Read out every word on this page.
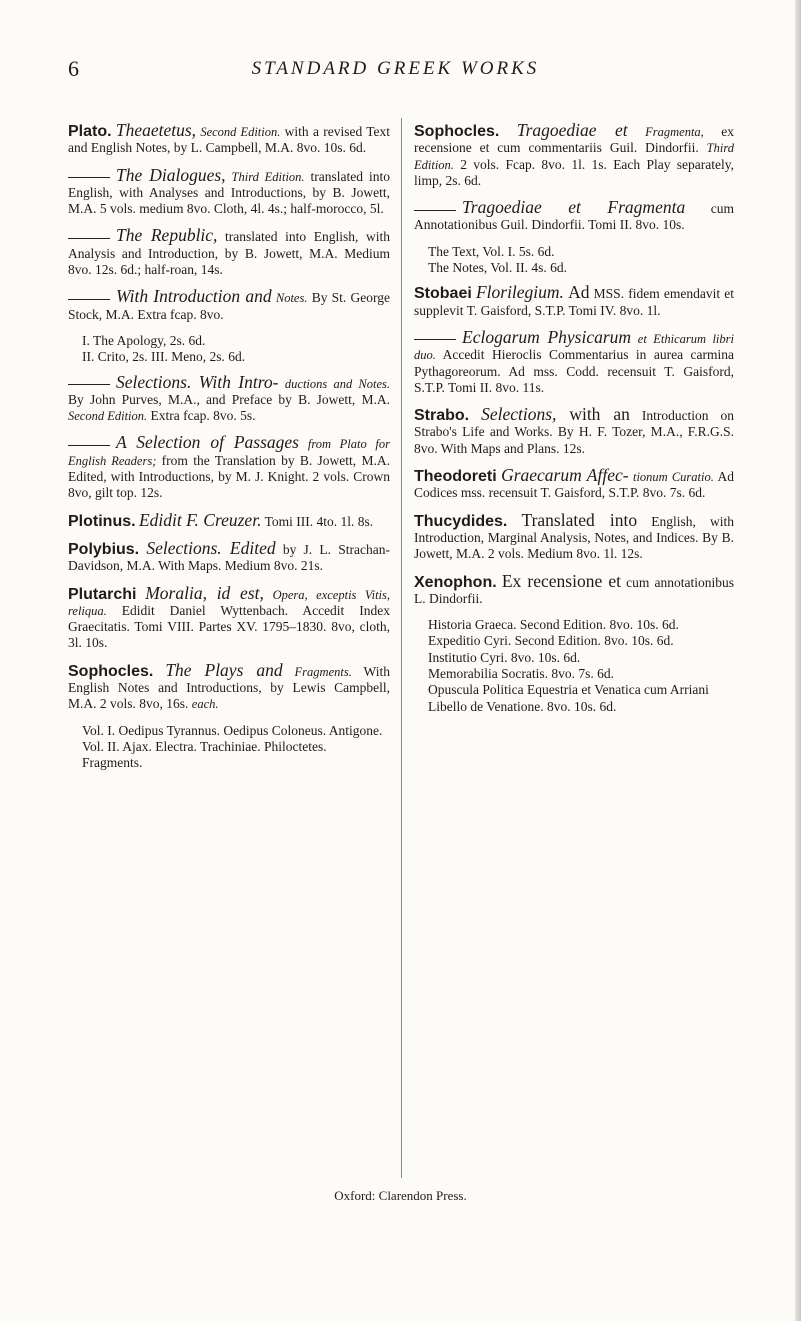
6	STANDARD GREEK WORKS
Plato. Theaetetus, Second Edition. with a revised Text and English Notes, by L. Campbell, M.A. 8vo. 10s. 6d.
The Dialogues, Third Edition. translated into English, with Analyses and Introductions, by B. Jowett, M.A. 5 vols. medium 8vo. Cloth, 4l. 4s.; half-morocco, 5l.
The Republic, translated into English, with Analysis and Introduction, by B. Jowett, M.A. Medium 8vo. 12s. 6d.; half-roan, 14s.
With Introduction and Notes. By St. George Stock, M.A. Extra fcap. 8vo.
I. The Apology, 2s. 6d.
II. Crito, 2s. III. Meno, 2s. 6d.
Selections. With Intro- ductions and Notes. By John Purves, M.A., and Preface by B. Jowett, M.A. Second Edition. Extra fcap. 8vo. 5s.
A Selection of Passages from Plato for English Readers; from the Translation by B. Jowett, M.A. Edited, with Introductions, by M. J. Knight. 2 vols. Crown 8vo, gilt top. 12s.
Plotinus. Edidit F. Creuzer. Tomi III. 4to. 1l. 8s.
Polybius. Selections. Edited by J. L. Strachan-Davidson, M.A. With Maps. Medium 8vo. 21s.
Plutarchi Moralia, id est, Opera, exceptis Vitis, reliqua. Edidit Daniel Wyttenbach. Accedit Index Graecitatis. Tomi VIII. Partes XV. 1795–1830. 8vo, cloth, 3l. 10s.
Sophocles. The Plays and Fragments. With English Notes and Introductions, by Lewis Campbell, M.A. 2 vols. 8vo, 16s. each.
Vol. I. Oedipus Tyrannus. Oedipus Coloneus. Antigone.
Vol. II. Ajax. Electra. Trachiniae. Philoctetes. Fragments.
Sophocles. Tragoediae et Fragmenta, ex recensione et cum commentariis Guil. Dindorfii. Third Edition. 2 vols. Fcap. 8vo. 1l. 1s. Each Play separately, limp, 2s. 6d.
Tragoediae et Fragmenta cum Annotationibus Guil. Dindorfii. Tomi II. 8vo. 10s.
The Text, Vol. I. 5s. 6d.
The Notes, Vol. II. 4s. 6d.
Stobaei Florilegium. Ad MSS. fidem emendavit et supplevit T. Gaisford, S.T.P. Tomi IV. 8vo. 1l.
Eclogarum Physicarum et Ethicarum libri duo. Accedit Hieroclis Commentarius in aurea carmina Pythagoreorum. Ad mss. Codd. recensuit T. Gaisford, S.T.P. Tomi II. 8vo. 11s.
Strabo. Selections, with an Introduction on Strabo's Life and Works. By H. F. Tozer, M.A., F.R.G.S. 8vo. With Maps and Plans. 12s.
Theodoreti Graecarum Affec- tionum Curatio. Ad Codices mss. recensuit T. Gaisford, S.T.P. 8vo. 7s. 6d.
Thucydides. Translated into English, with Introduction, Marginal Analysis, Notes, and Indices. By B. Jowett, M.A. 2 vols. Medium 8vo. 1l. 12s.
Xenophon. Ex recensione et cum annotationibus L. Dindorfii.
Historia Graeca. Second Edition. 8vo. 10s. 6d.
Expeditio Cyri. Second Edition. 8vo. 10s. 6d.
Institutio Cyri. 8vo. 10s. 6d.
Memorabilia Socratis. 8vo. 7s. 6d.
Opuscula Politica Equestria et Venatica cum Arriani Libello de Venatione. 8vo. 10s. 6d.
Oxford: Clarendon Press.
